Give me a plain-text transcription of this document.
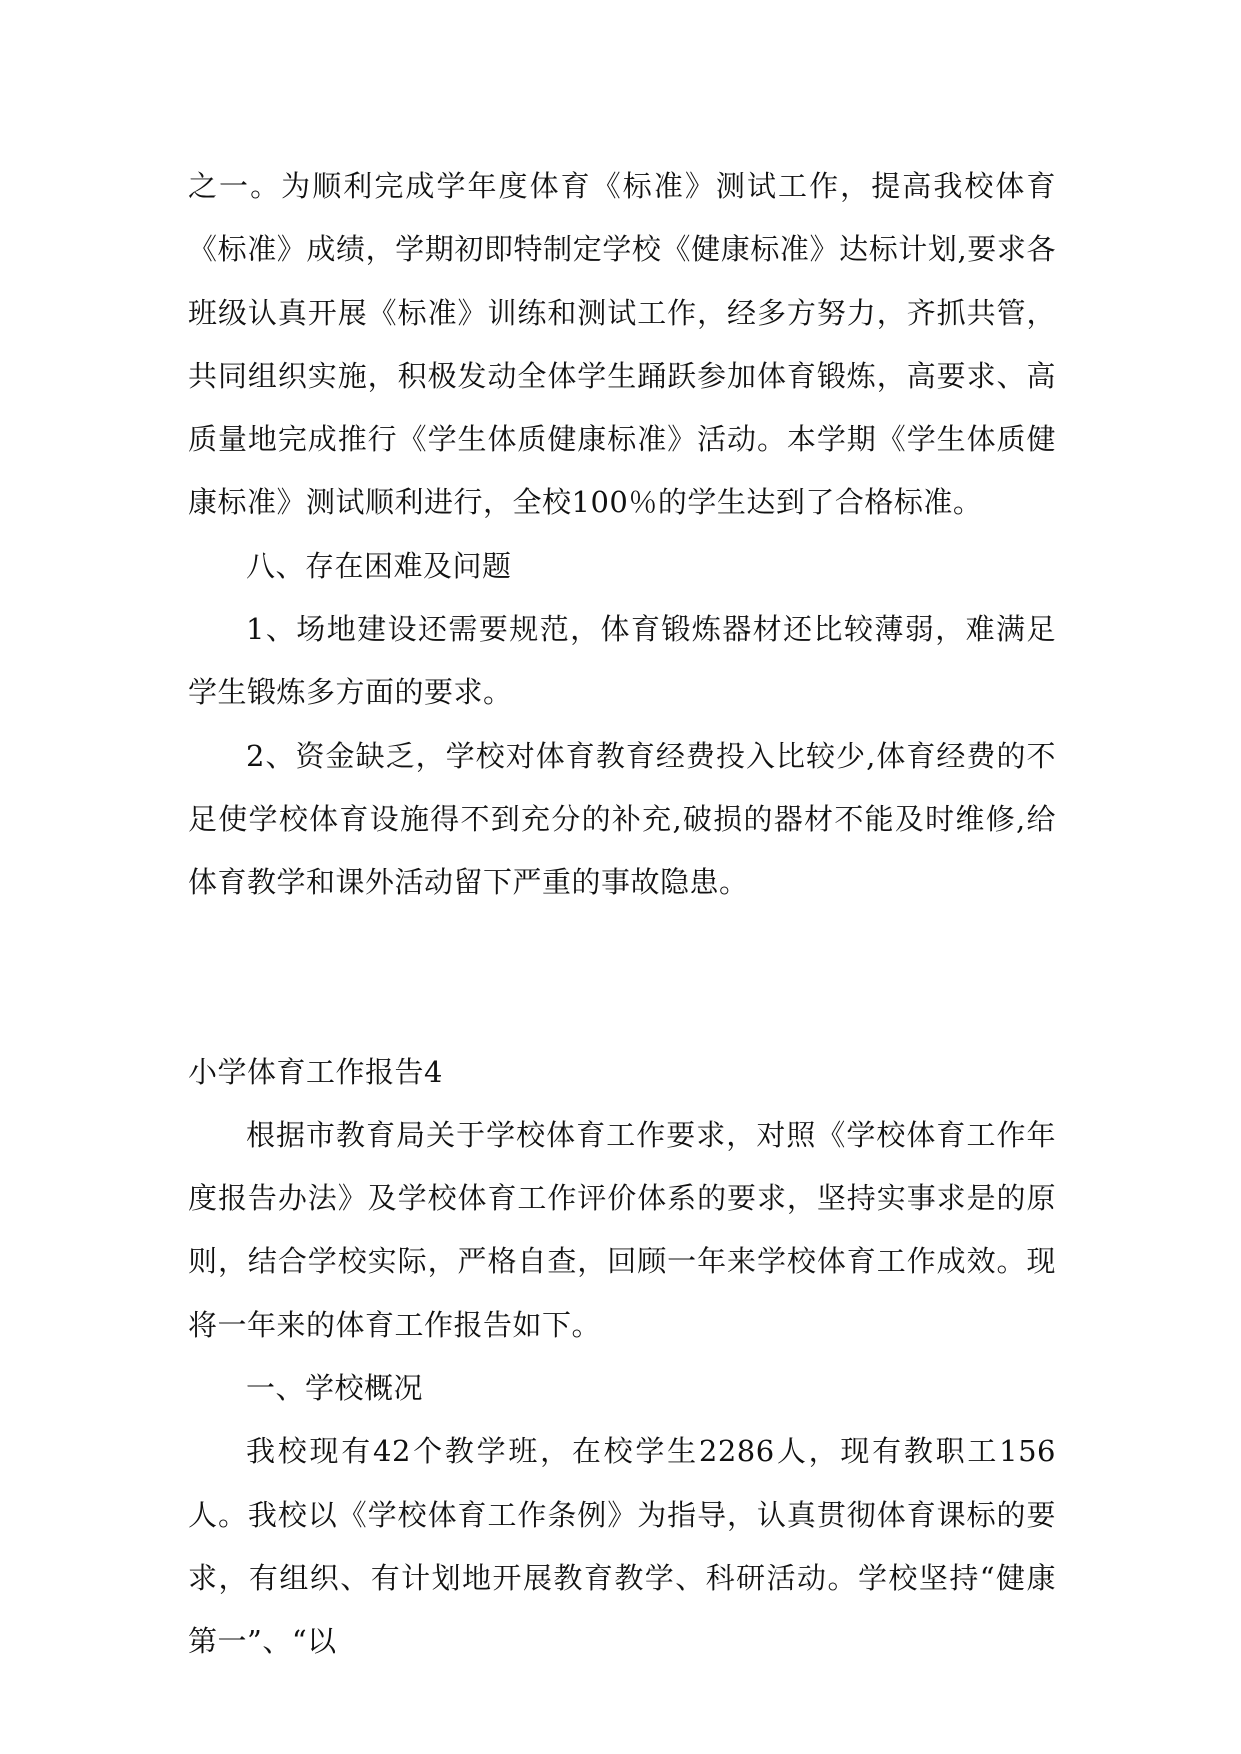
之一。为顺利完成学年度体育《标准》测试工作，提高我校体育《标准》成绩，学期初即特制定学校《健康标准》达标计划,要求各班级认真开展《标准》训练和测试工作，经多方努力，齐抓共管，共同组织实施，积极发动全体学生踊跃参加体育锻炼，高要求、高质量地完成推行《学生体质健康标准》活动。本学期《学生体质健康标准》测试顺利进行，全校100％的学生达到了合格标准。

八、存在困难及问题

1、场地建设还需要规范，体育锻炼器材还比较薄弱，难满足学生锻炼多方面的要求。

2、资金缺乏，学校对体育教育经费投入比较少,体育经费的不足使学校体育设施得不到充分的补充,破损的器材不能及时维修,给体育教学和课外活动留下严重的事故隐患。

小学体育工作报告4

根据市教育局关于学校体育工作要求，对照《学校体育工作年度报告办法》及学校体育工作评价体系的要求，坚持实事求是的原则，结合学校实际，严格自查，回顾一年来学校体育工作成效。现将一年来的体育工作报告如下。

一、学校概况

我校现有42个教学班，在校学生2286人，现有教职工156人。我校以《学校体育工作条例》为指导，认真贯彻体育课标的要求，有组织、有计划地开展教育教学、科研活动。学校坚持“健康第一”、“以
